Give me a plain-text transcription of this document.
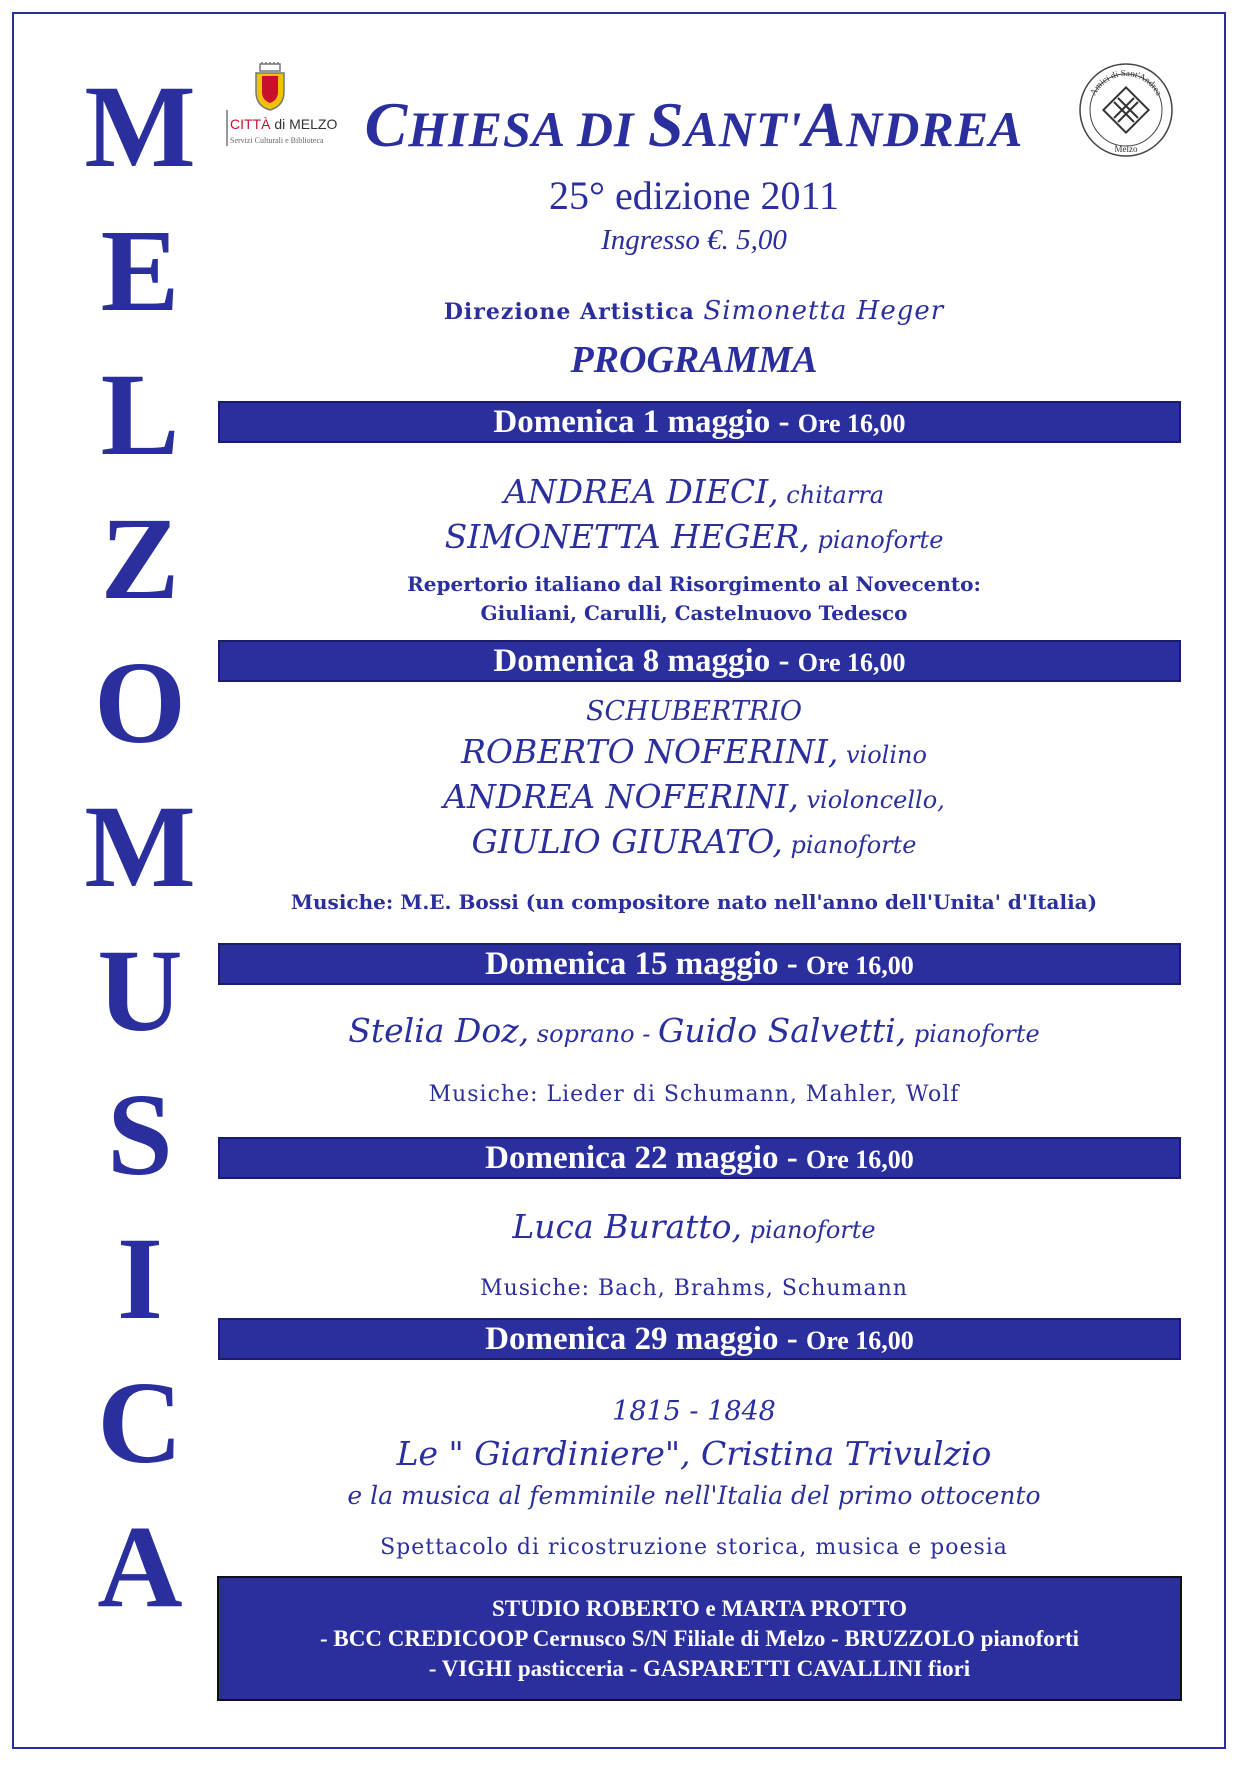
M
E
L
Z
O
M
U
S
I
C
A
CITTÀ di MELZO
Servizi Culturali e Biblioteca
Amici di Sant'Andrea
Melzo
CHIESA DI SANT'ANDREA
25° edizione 2011
Ingresso €. 5,00
Direzione Artistica Simonetta Heger
PROGRAMMA
Domenica 1 maggio - Ore 16,00
ANDREA DIECI, chitarra
SIMONETTA HEGER, pianoforte
Repertorio italiano dal Risorgimento al Novecento:
Giuliani, Carulli, Castelnuovo Tedesco
Domenica 8 maggio - Ore 16,00
SCHUBERTRIO
ROBERTO NOFERINI, violino
ANDREA NOFERINI, violoncello,
GIULIO GIURATO, pianoforte
Musiche: M.E. Bossi (un compositore nato nell'anno dell'Unita' d'Italia)
Domenica 15 maggio - Ore 16,00
Stelia Doz, soprano - Guido Salvetti, pianoforte
Musiche: Lieder di Schumann, Mahler, Wolf
Domenica 22 maggio - Ore 16,00
Luca Buratto, pianoforte
Musiche: Bach, Brahms, Schumann
Domenica 29 maggio - Ore 16,00
1815 - 1848
Le " Giardiniere", Cristina Trivulzio
e la musica al femminile nell'Italia del primo ottocento
Spettacolo di ricostruzione storica, musica e poesia
STUDIO ROBERTO e MARTA PROTTO
- BCC CREDICOOP Cernusco S/N Filiale di Melzo - BRUZZOLO pianoforti
- VIGHI pasticceria - GASPARETTI CAVALLINI fiori
